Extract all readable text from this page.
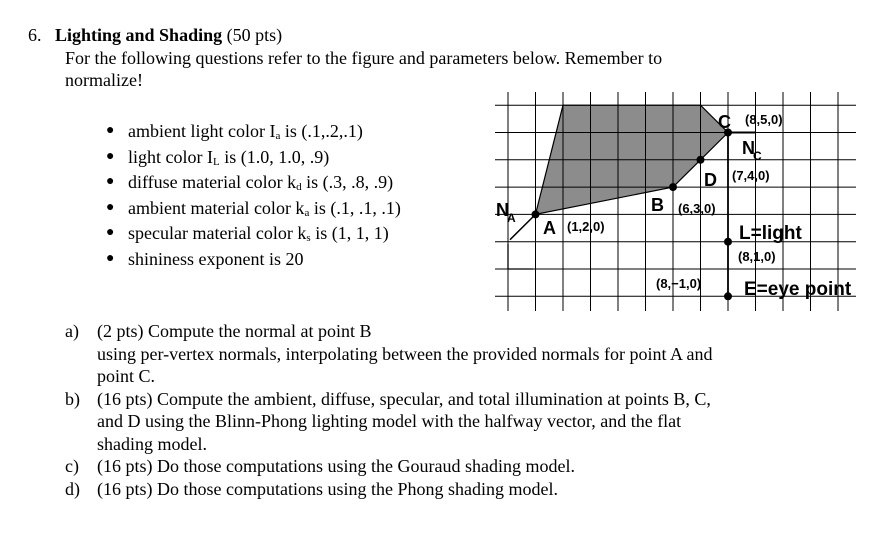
6. Lighting and Shading (50 pts)
For the following questions refer to the figure and parameters below. Remember to
normalize!
● ambient light color $I_a$ is (.1,.2,.1)
● light color $I_L$ is (1.0, 1.0, .9)
● diffuse material color $k_d$ is (.3, .8, .9)
● ambient material color $k_a$ is (.1, .1, .1)
● specular material color $k_s$ is (1, 1, 1)
● shininess exponent is 20
a) (2 pts) Compute the normal at point B
using per-vertex normals, interpolating between the provided normals for point A and
point C.
b) (16 pts) Compute the ambient, diffuse, specular, and total illumination at points B, C,
and D using the Blinn-Phong lighting model with the halfway vector, and the flat
shading model.
c) (16 pts) Do those computations using the Gouraud shading model.
d) (16 pts) Do those computations using the Phong shading model.
A (1,2,0)
B (6,3,0)
C (8,5,0)
D (7,4,0)
L=light
(8,1,0)
E=eye point
(8,−1,0)
N
A
N
C
